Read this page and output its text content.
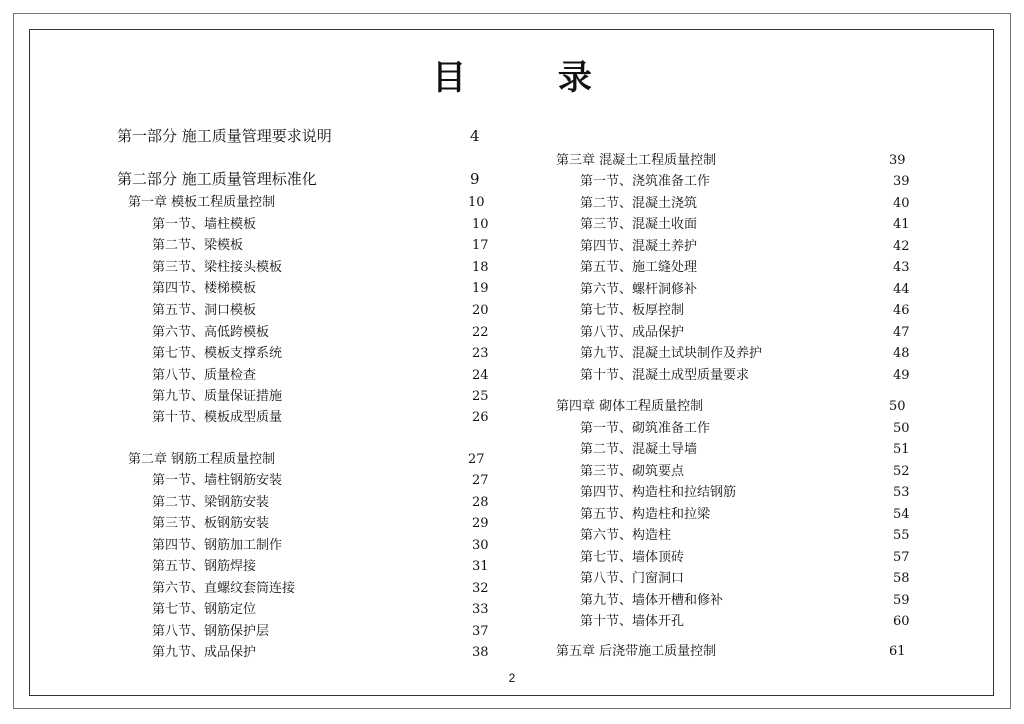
目 录
第一部分 施工质量管理要求说明	4
第二部分 施工质量管理标准化	9
第一章 模板工程质量控制	10
第一节、墙柱模板	10
第二节、梁模板	17
第三节、梁柱接头模板	18
第四节、楼梯模板	19
第五节、洞口模板	20
第六节、高低跨模板	22
第七节、模板支撑系统	23
第八节、质量检查	24
第九节、质量保证措施	25
第十节、模板成型质量	26
第二章 钢筋工程质量控制	27
第一节、墙柱钢筋安装	27
第二节、梁钢筋安装	28
第三节、板钢筋安装	29
第四节、钢筋加工制作	30
第五节、钢筋焊接	31
第六节、直螺纹套筒连接	32
第七节、钢筋定位	33
第八节、钢筋保护层	37
第九节、成品保护	38
第三章 混凝土工程质量控制	39
第一节、浇筑准备工作	39
第二节、混凝土浇筑	40
第三节、混凝土收面	41
第四节、混凝土养护	42
第五节、施工缝处理	43
第六节、螺杆洞修补	44
第七节、板厚控制	46
第八节、成品保护	47
第九节、混凝土试块制作及养护	48
第十节、混凝土成型质量要求	49
第四章 砌体工程质量控制	50
第一节、砌筑准备工作	50
第二节、混凝土导墙	51
第三节、砌筑要点	52
第四节、构造柱和拉结钢筋	53
第五节、构造柱和拉梁	54
第六节、构造柱	55
第七节、墙体顶砖	57
第八节、门窗洞口	58
第九节、墙体开槽和修补	59
第十节、墙体开孔	60
第五章 后浇带施工质量控制	61
2
